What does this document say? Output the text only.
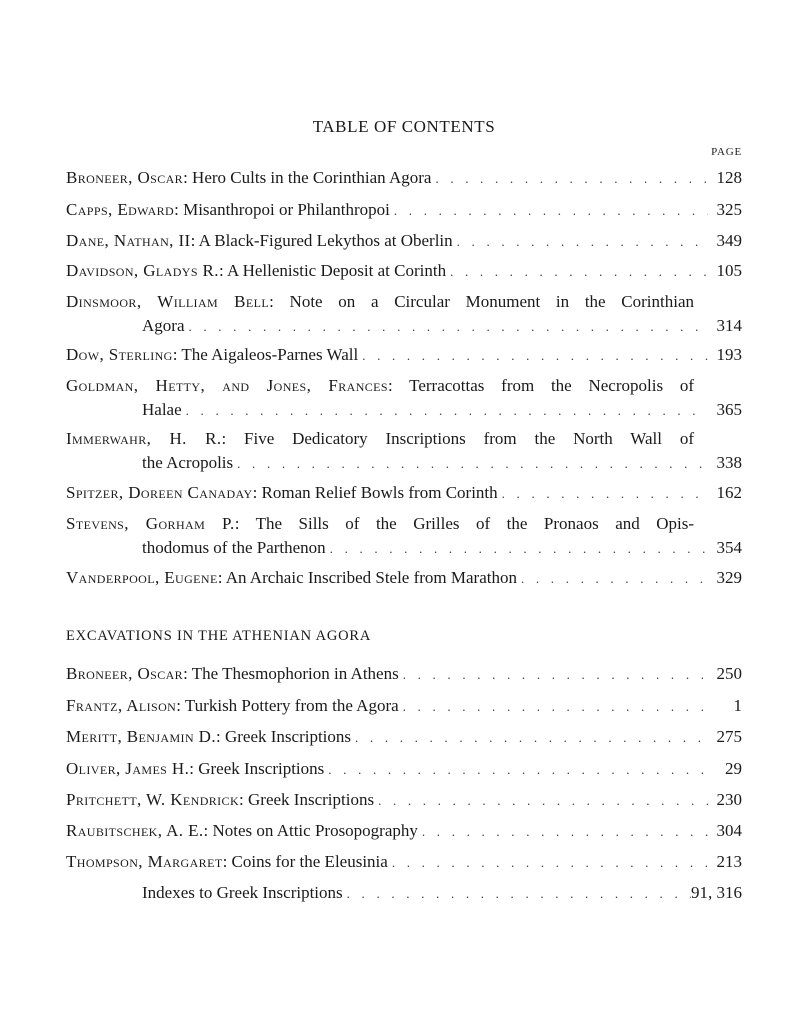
TABLE OF CONTENTS
PAGE
Broneer, Oscar: Hero Cults in the Corinthian Agora . . .	128
Capps, Edward: Misanthropoi or Philanthropoi . . .	325
Dane, Nathan, II: A Black-Figured Lekythos at Oberlin . . .	349
Davidson, Gladys R.: A Hellenistic Deposit at Corinth . . .	105
Dinsmoor, William Bell: Note on a Circular Monument in the Corinthian
Agora . . .	314
Dow, Sterling: The Aigaleos-Parnes Wall . . .	193
Goldman, Hetty, and Jones, Frances: Terracottas from the Necropolis of
Halae . . .	365
Immerwahr, H. R.: Five Dedicatory Inscriptions from the North Wall of
the Acropolis . . .	338
Spitzer, Doreen Canaday: Roman Relief Bowls from Corinth . . .	162
Stevens, Gorham P.: The Sills of the Grilles of the Pronaos and Opis-
thodomus of the Parthenon . . .	354
Vanderpool, Eugene: An Archaic Inscribed Stele from Marathon . . .	329
EXCAVATIONS IN THE ATHENIAN AGORA
Broneer, Oscar: The Thesmophorion in Athens . . .	250
Frantz, Alison: Turkish Pottery from the Agora . . .	1
Meritt, Benjamin D.: Greek Inscriptions . . .	275
Oliver, James H.: Greek Inscriptions . . .	29
Pritchett, W. Kendrick: Greek Inscriptions . . .	230
Raubitschek, A. E.: Notes on Attic Prosopography . . .	304
Thompson, Margaret: Coins for the Eleusinia . . .	213
Indexes to Greek Inscriptions . . .	91, 316
